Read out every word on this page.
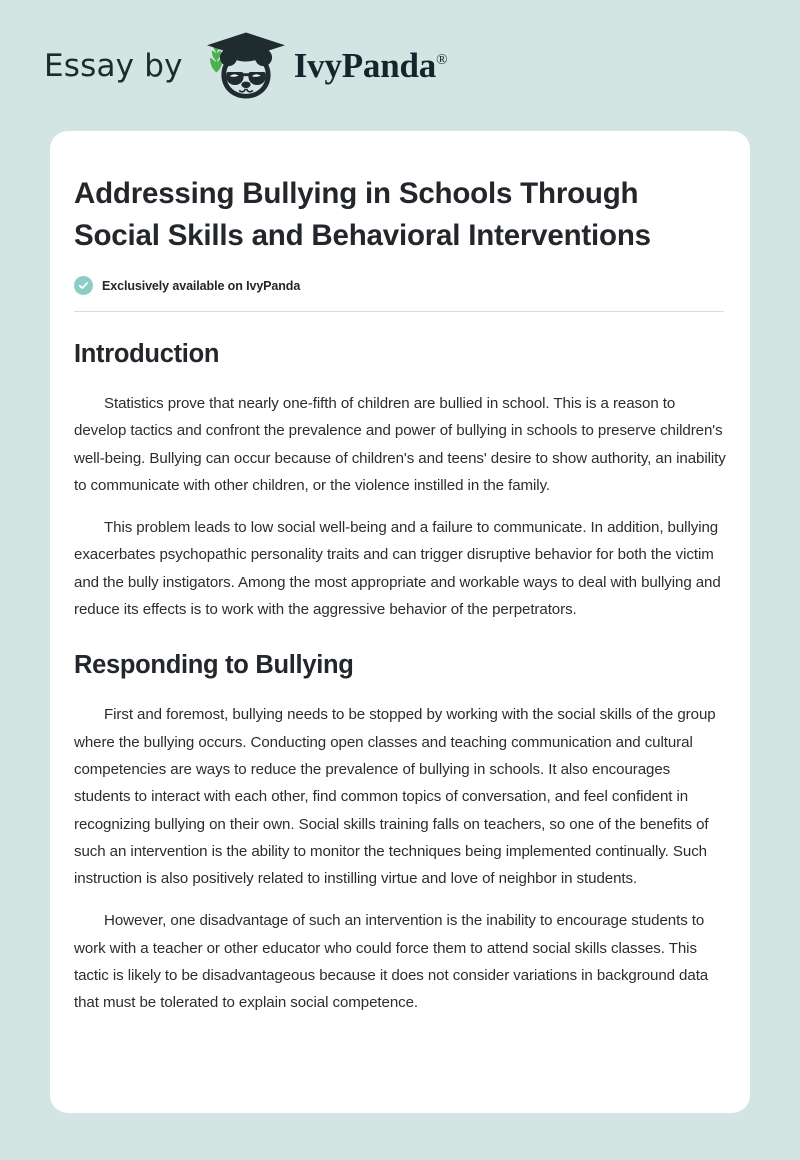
Essay by	IvyPanda®
Addressing Bullying in Schools Through Social Skills and Behavioral Interventions
Exclusively available on IvyPanda
Introduction

Statistics prove that nearly one-fifth of children are bullied in school. This is a reason to develop tactics and confront the prevalence and power of bullying in schools to preserve children's well-being. Bullying can occur because of children's and teens' desire to show authority, an inability to communicate with other children, or the violence instilled in the family.

This problem leads to low social well-being and a failure to communicate. In addition, bullying exacerbates psychopathic personality traits and can trigger disruptive behavior for both the victim and the bully instigators. Among the most appropriate and workable ways to deal with bullying and reduce its effects is to work with the aggressive behavior of the perpetrators.

Responding to Bullying

First and foremost, bullying needs to be stopped by working with the social skills of the group where the bullying occurs. Conducting open classes and teaching communication and cultural competencies are ways to reduce the prevalence of bullying in schools. It also encourages students to interact with each other, find common topics of conversation, and feel confident in recognizing bullying on their own. Social skills training falls on teachers, so one of the benefits of such an intervention is the ability to monitor the techniques being implemented continually. Such instruction is also positively related to instilling virtue and love of neighbor in students.

However, one disadvantage of such an intervention is the inability to encourage students to work with a teacher or other educator who could force them to attend social skills classes. This tactic is likely to be disadvantageous because it does not consider variations in background data that must be tolerated to explain social competence.
